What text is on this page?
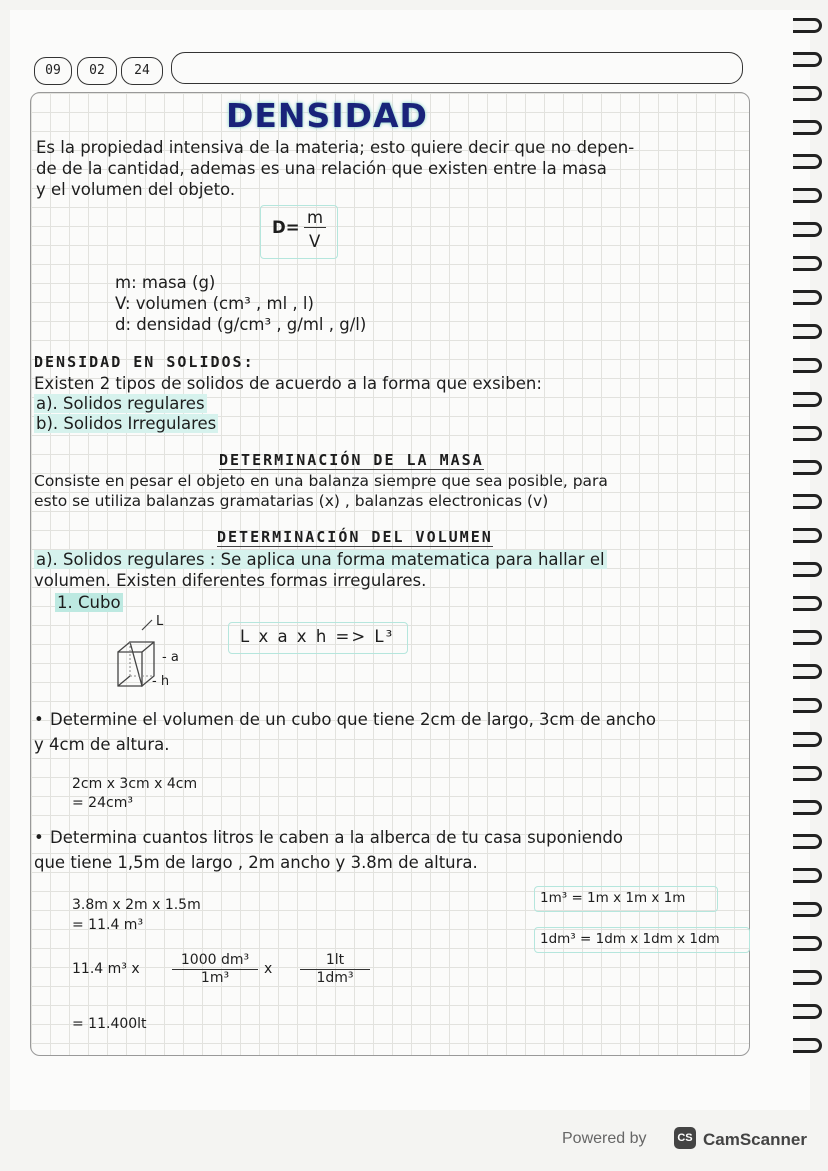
09	02	24
DENSIDAD
Es la propiedad intensiva de la materia; esto quiere decir que no depen-
de de la cantidad, ademas es una relación que existen entre la masa
y el volumen del objeto.
D=
m
V
m: masa (g)
V: volumen (cm³ , ml , l)
d: densidad (g/cm³ , g/ml , g/l)
DENSIDAD EN SOLIDOS:
Existen 2 tipos de solidos de acuerdo a la forma que exsiben:
a). Solidos regulares
b). Solidos Irregulares
DETERMINACIÓN DE LA MASA
Consiste en pesar el objeto en una balanza siempre que sea posible, para
esto se utiliza balanzas gramatarias (x) , balanzas electronicas (v)
DETERMINACIÓN DEL VOLUMEN
a). Solidos regulares : Se aplica una forma matematica para hallar el
volumen. Existen diferentes formas irregulares.
1. Cubo
L
- a
- h
L x a x h => L³
• Determine el volumen de un cubo que tiene 2cm de largo, 3cm de ancho
y 4cm de altura.
2cm x 3cm x 4cm
= 24cm³
• Determina cuantos litros le caben a la alberca de tu casa suponiendo
que tiene 1,5m de largo , 2m ancho y 3.8m de altura.
3.8m x 2m x 1.5m
= 11.4 m³
1m³ = 1m x 1m x 1m
1dm³ = 1dm x 1dm x 1dm
11.4 m³ x $\frac{\text{1000 dm³}}{\text{1m³}}$ x $\frac{1lt}{\text{1dm³}}$
= 11.400lt
Powered by	CS CamScanner
